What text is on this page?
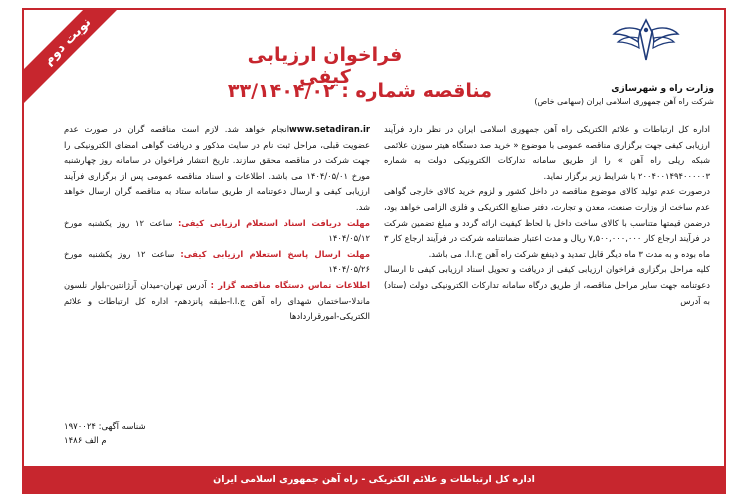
نوبت دوم	فراخوان ارزیابی کیفی
مناقصه شماره : ۳۳/۱۴۰۴/۰۲	وزارت راه و شهرسازی
شرکت راه آهن جمهوری اسلامی ایران (سهامی خاص)

اداره کل ارتباطات و علائم الکتریکی راه آهن جمهوری اسلامی ایران در نظر دارد فرآیند ارزیابی کیفی جهت برگزاری مناقصه عمومی با موضوع « خرید صد دستگاه هیتر سوزن علائمی شبکه ریلی راه آهن » را از طریق سامانه تدارکات الکترونیکی دولت به شماره ۲۰۰۴۰۰۱۴۹۴۰۰۰۰۰۳ با شرایط زیر برگزار نماید.

درصورت عدم تولید کالای موضوع مناقصه در داخل کشور و لزوم خرید کالای خارجی گواهی عدم ساخت از وزارت صنعت، معدن و تجارت، دفتر صنایع الکتریکی و فلزی الزامی خواهد بود، درضمن قیمتها متناسب با کالای ساخت داخل با لحاظ کیفیت ارائه گردد و مبلغ تضمین شرکت در فرآیند ارجاع کار ۷,۵۰۰,۰۰۰,۰۰۰ ریال و مدت اعتبار ضمانتنامه شرکت در فرآیند ارجاع کار ۳ ماه بوده و به مدت ۳ ماه دیگر قابل تمدید و ذینفع شرکت راه آهن ج.ا.ا. می باشد.

کلیه مراحل برگزاری فراخوان ارزیابی کیفی از دریافت و تحویل اسناد ارزیابی کیفی تا ارسال دعوتنامه جهت سایر مراحل مناقصه، از طریق درگاه سامانه تدارکات الکترونیکی دولت (ستاد) به آدرس

www.setadiran.irانجام خواهد شد. لازم است مناقصه گران در صورت عدم عضویت قبلی، مراحل ثبت نام در سایت مذکور و دریافت گواهی امضای الکترونیکی را جهت شرکت در مناقصه محقق سازند. تاریخ انتشار فراخوان در سامانه روز چهارشنبه مورخ ۱۴۰۴/۰۵/۰۱ می باشد. اطلاعات و اسناد مناقصه عمومی پس از برگزاری فرآیند ارزیابی کیفی و ارسال دعوتنامه از طریق سامانه ستاد به مناقصه گران ارسال خواهد شد.

مهلت دریافت اسناد استعلام ارزیابی کیفی: ساعت ۱۲ روز یکشنبه مورخ ۱۴۰۴/۰۵/۱۲

مهلت ارسال پاسخ استعلام ارزیابی کیفی: ساعت ۱۲ روز یکشنبه مورخ ۱۴۰۴/۰۵/۲۶

اطلاعات تماس دستگاه مناقصه گزار : آدرس تهران-میدان آرژانتین-بلوار نلسون ماندلا-ساختمان شهدای راه آهن ج.ا.ا-طبقه پانزدهم- اداره کل ارتباطات و علائم الکتریکی-امورقراردادها

شناسه آگهی: ۱۹۷۰۰۲۴
م الف ۱۴۸۶
اداره کل ارتباطات و علائم الکتریکی - راه آهن جمهوری اسلامی ایران
